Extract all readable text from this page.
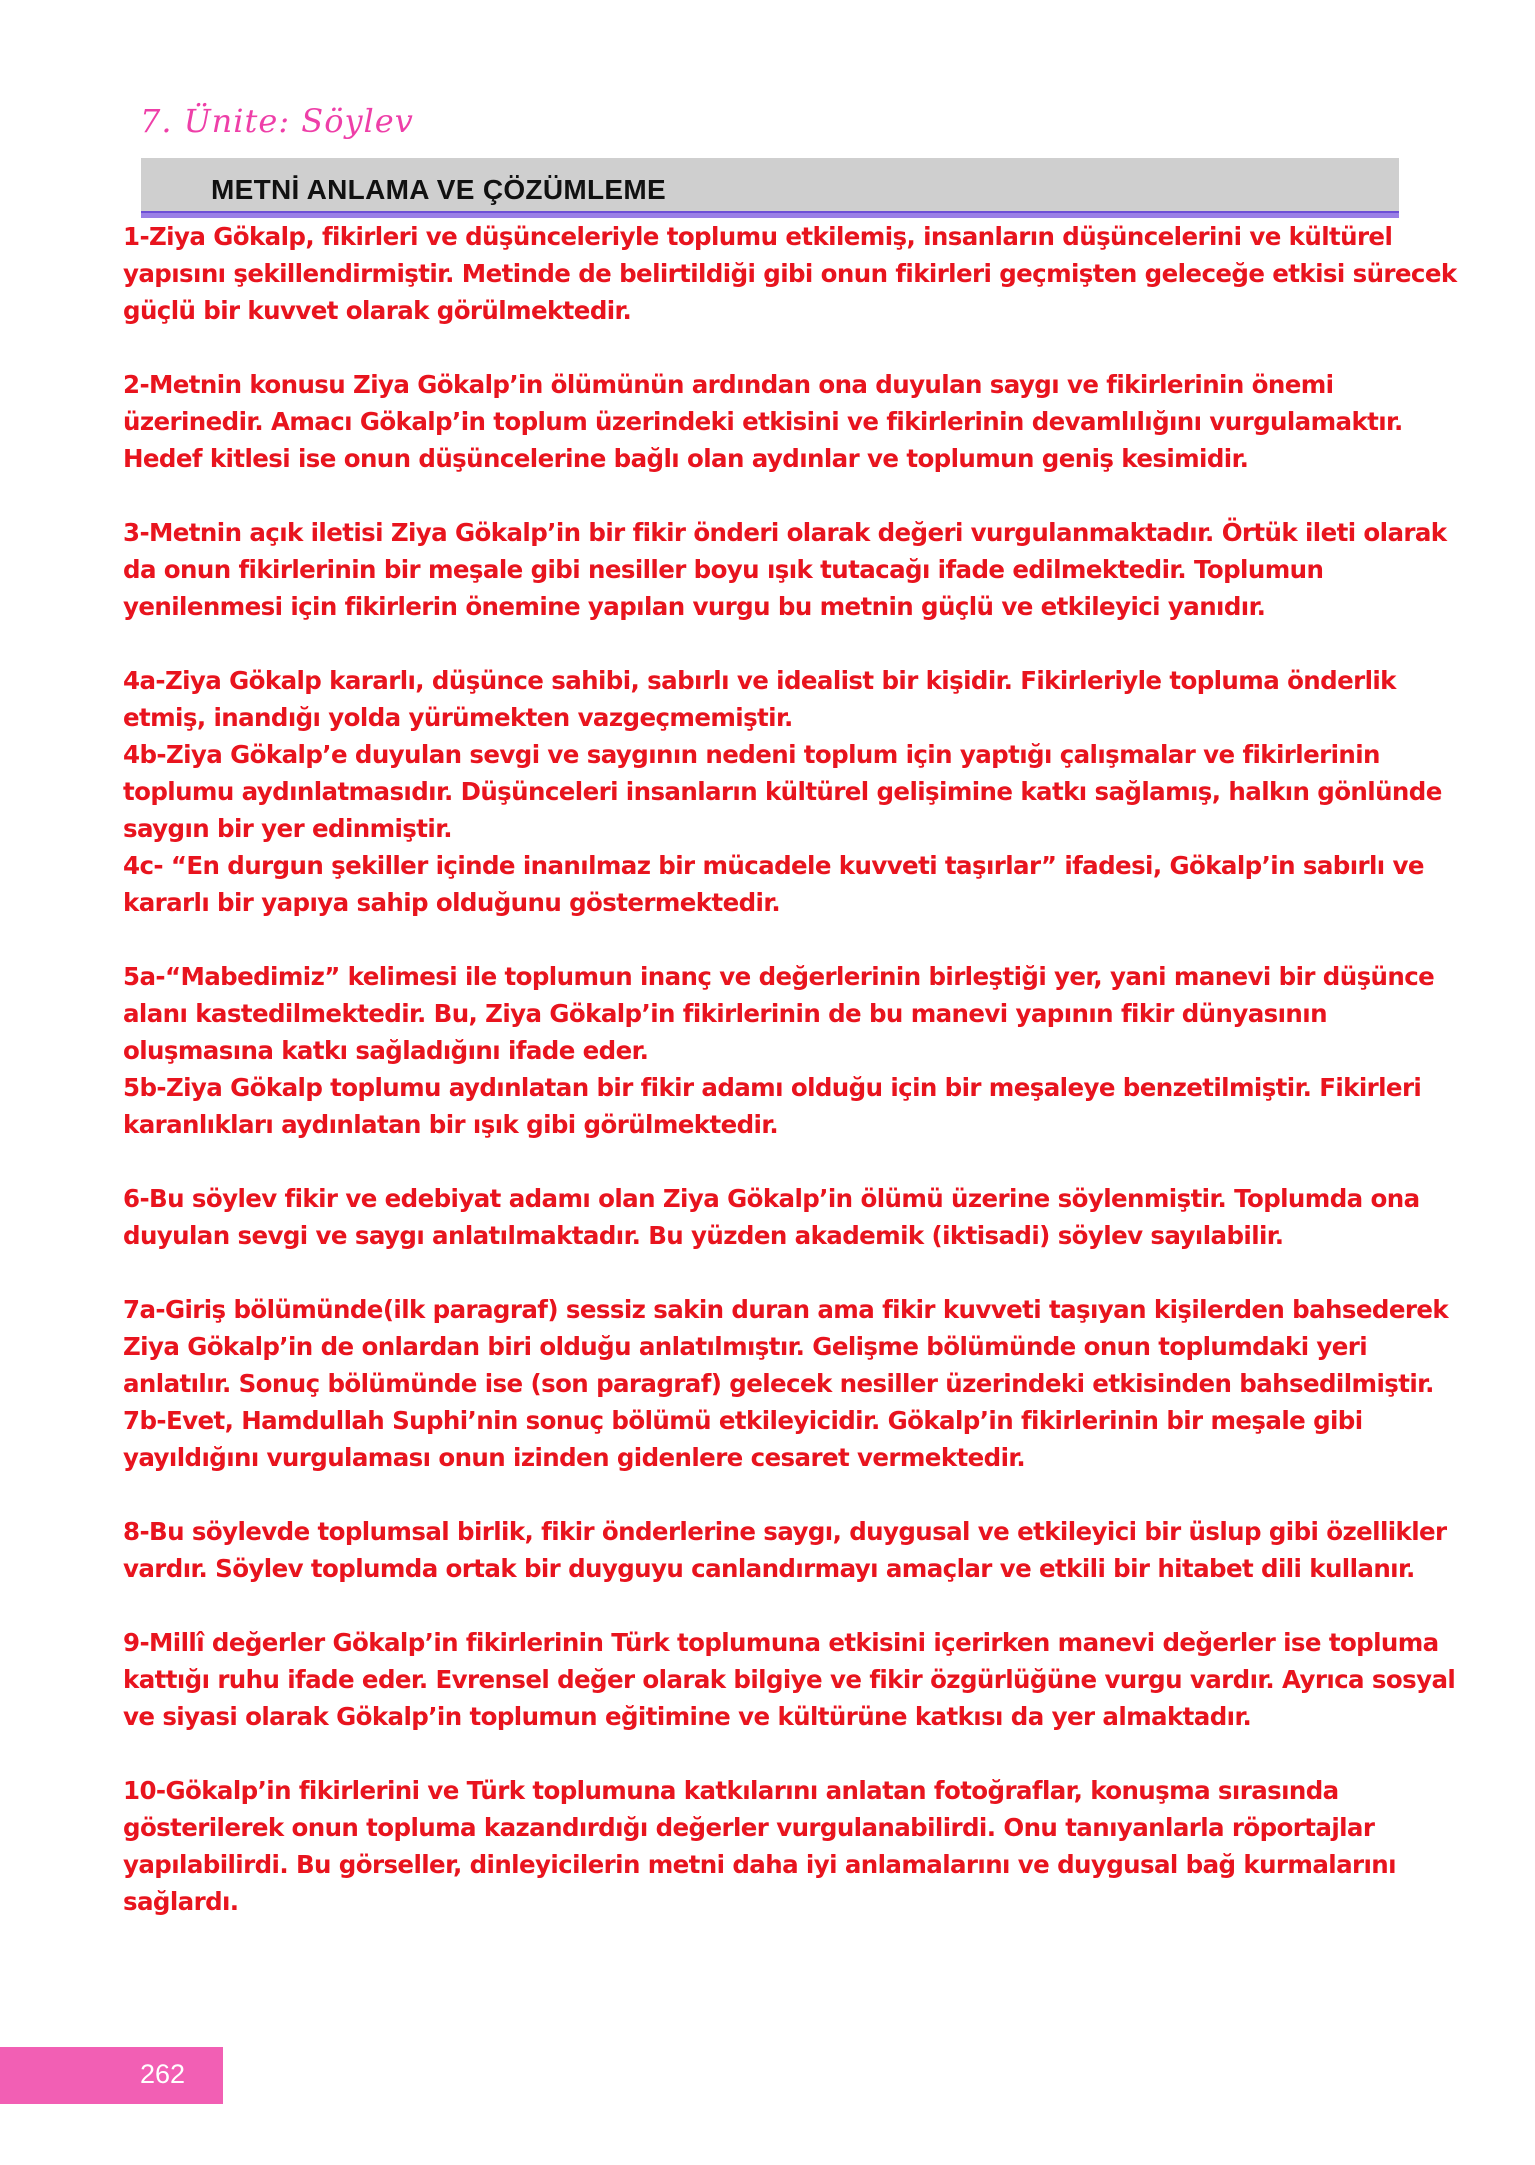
7. Ünite: Söylev
METNİ ANLAMA VE ÇÖZÜMLEME

1-Ziya Gökalp, fikirleri ve düşünceleriyle toplumu etkilemiş, insanların düşüncelerini ve kültürel yapısını şekillendirmiştir. Metinde de belirtildiği gibi onun fikirleri geçmişten geleceğe etkisi sürecek güçlü bir kuvvet olarak görülmektedir.

2-Metnin konusu Ziya Gökalp’in ölümünün ardından ona duyulan saygı ve fikirlerinin önemi üzerinedir. Amacı Gökalp’in toplum üzerindeki etkisini ve fikirlerinin devamlılığını vurgulamaktır. Hedef kitlesi ise onun düşüncelerine bağlı olan aydınlar ve toplumun geniş kesimidir.

3-Metnin açık iletisi Ziya Gökalp’in bir fikir önderi olarak değeri vurgulanmaktadır. Örtük ileti olarak da onun fikirlerinin bir meşale gibi nesiller boyu ışık tutacağı ifade edilmektedir. Toplumun yenilenmesi için fikirlerin önemine yapılan vurgu bu metnin güçlü ve etkileyici yanıdır.

4a-Ziya Gökalp kararlı, düşünce sahibi, sabırlı ve idealist bir kişidir. Fikirleriyle topluma önderlik etmiş, inandığı yolda yürümekten vazgeçmemiştir.

4b-Ziya Gökalp’e duyulan sevgi ve saygının nedeni toplum için yaptığı çalışmalar ve fikirlerinin toplumu aydınlatmasıdır. Düşünceleri insanların kültürel gelişimine katkı sağlamış, halkın gönlünde saygın bir yer edinmiştir.

4c- “En durgun şekiller içinde inanılmaz bir mücadele kuvveti taşırlar” ifadesi, Gökalp’in sabırlı ve kararlı bir yapıya sahip olduğunu göstermektedir.

5a-“Mabedimiz” kelimesi ile toplumun inanç ve değerlerinin birleştiği yer, yani manevi bir düşünce alanı kastedilmektedir. Bu, Ziya Gökalp’in fikirlerinin de bu manevi yapının fikir dünyasının oluşmasına katkı sağladığını ifade eder.

5b-Ziya Gökalp toplumu aydınlatan bir fikir adamı olduğu için bir meşaleye benzetilmiştir. Fikirleri karanlıkları aydınlatan bir ışık gibi görülmektedir.

6-Bu söylev fikir ve edebiyat adamı olan Ziya Gökalp’in ölümü üzerine söylenmiştir. Toplumda ona duyulan sevgi ve saygı anlatılmaktadır. Bu yüzden akademik (iktisadi) söylev sayılabilir.

7a-Giriş bölümünde(ilk paragraf) sessiz sakin duran ama fikir kuvveti taşıyan kişilerden bahsederek Ziya Gökalp’in de onlardan biri olduğu anlatılmıştır. Gelişme bölümünde onun toplumdaki yeri anlatılır. Sonuç bölümünde ise (son paragraf) gelecek nesiller üzerindeki etkisinden bahsedilmiştir.

7b-Evet, Hamdullah Suphi’nin sonuç bölümü etkileyicidir. Gökalp’in fikirlerinin bir meşale gibi yayıldığını vurgulaması onun izinden gidenlere cesaret vermektedir.

8-Bu söylevde toplumsal birlik, fikir önderlerine saygı, duygusal ve etkileyici bir üslup gibi özellikler vardır. Söylev toplumda ortak bir duyguyu canlandırmayı amaçlar ve etkili bir hitabet dili kullanır.

9-Millî değerler Gökalp’in fikirlerinin Türk toplumuna etkisini içerirken manevi değerler ise topluma kattığı ruhu ifade eder. Evrensel değer olarak bilgiye ve fikir özgürlüğüne vurgu vardır. Ayrıca sosyal ve siyasi olarak Gökalp’in toplumun eğitimine ve kültürüne katkısı da yer almaktadır.

10-Gökalp’in fikirlerini ve Türk toplumuna katkılarını anlatan fotoğraflar, konuşma sırasında gösterilerek onun topluma kazandırdığı değerler vurgulanabilirdi. Onu tanıyanlarla röportajlar yapılabilirdi. Bu görseller, dinleyicilerin metni daha iyi anlamalarını ve duygusal bağ kurmalarını sağlardı.

262
